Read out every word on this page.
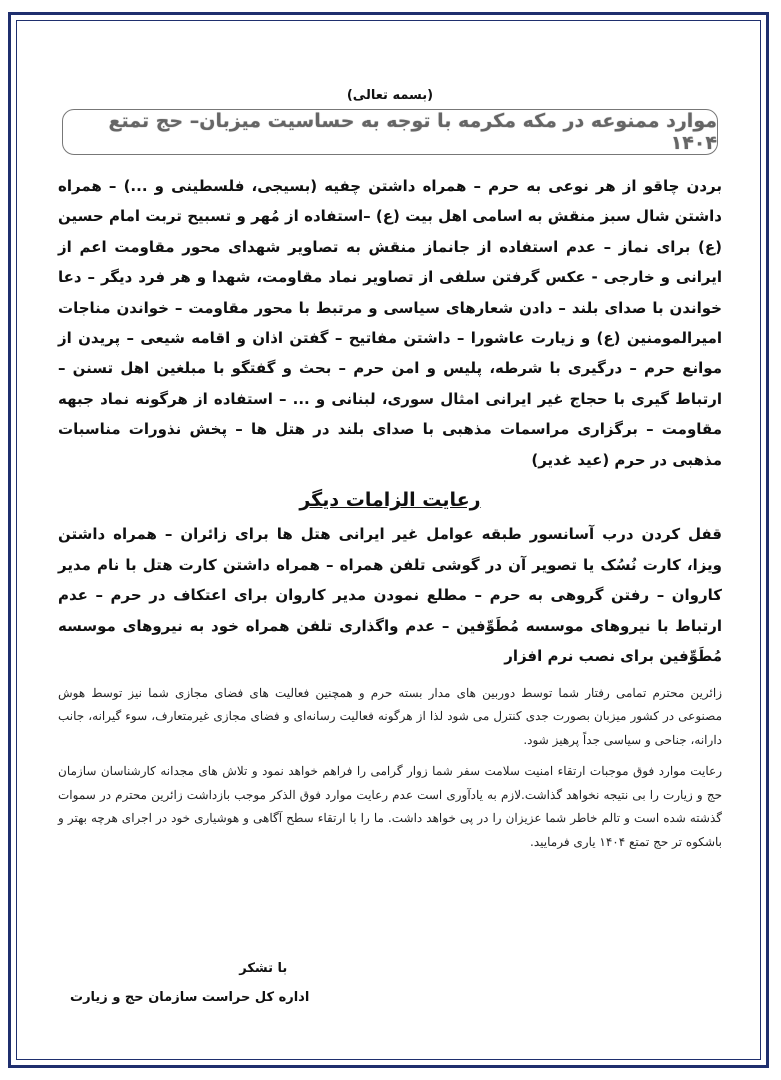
(بسمه تعالی)
موارد ممنوعه در مکه مکرمه با توجه به حساسیت میزبان– حج تمتع ۱۴۰۴
بردن چاقو از هر نوعی به حرم – همراه داشتن چفیه (بسیجی، فلسطینی و ...) – همراه داشتن شال سبز منقش به اسامی اهل بیت (ع) –استفاده از مُهر و تسبیح تربت امام حسین (ع) برای نماز – عدم استفاده از جانماز منقش به تصاویر شهدای محور مقاومت اعم از ایرانی و خارجی - عکس گرفتن سلفی از تصاویر نماد مقاومت، شهدا و هر فرد دیگر – دعا خواندن با صدای بلند – دادن شعارهای سیاسی و مرتبط با محور مقاومت – خواندن مناجات امیرالمومنین (ع) و زیارت عاشورا – داشتن مفاتیح – گفتن اذان و اقامه شیعی – پریدن از موانع حرم – درگیری با شرطه، پلیس و امن حرم – بحث و گفتگو با مبلغین اهل تسنن – ارتباط گیری با حجاج غیر ایرانی امثال سوری، لبنانی و ... – استفاده از هرگونه نماد جبهه مقاومت – برگزاری مراسمات مذهبی با صدای بلند در هتل ها – پخش نذورات مناسبات مذهبی در حرم (عید غدیر)
رعایت الزامات دیگر
قفل کردن درب آسانسور طبقه عوامل غیر ایرانی هتل ها برای زائران – همراه داشتن ویزا، کارت نُسُک یا تصویر آن در گوشی تلفن همراه – همراه داشتن کارت هتل با نام مدیر کاروان – رفتن گروهی به حرم – مطلع نمودن مدیر کاروان برای اعتکاف در حرم – عدم ارتباط با نیروهای موسسه مُطَوِّفین – عدم واگذاری تلفن همراه خود به نیروهای موسسه مُطَوِّفین برای نصب نرم افزار
زائرین محترم تمامی رفتار شما توسط دوربین های مدار بسته حرم و همچنین فعالیت های فضای مجازی شما نیز توسط هوش مصنوعی در کشور میزبان بصورت جدی کنترل می شود لذا از هرگونه فعالیت رسانه‌ای و فضای مجازی غیرمتعارف، سوء گیرانه، جانب دارانه، جناحی و سیاسی جداً پرهیز شود.
رعایت موارد فوق موجبات ارتقاء امنیت سلامت سفر شما زوار گرامی را فراهم خواهد نمود و تلاش های مجدانه کارشناسان سازمان حج و زیارت را بی نتیجه نخواهد گذاشت.لازم به یادآوری است عدم رعایت موارد فوق الذکر موجب بازداشت زائرین محترم در سموات گذشته شده است و تالم خاطر شما عزیزان را در پی خواهد داشت. ما را با ارتقاء سطح آگاهی و هوشیاری خود در اجرای هرچه بهتر و باشکوه تر حج تمتع ۱۴۰۴ یاری فرمایید.
با تشکر
اداره کل حراست سازمان حج و زیارت
